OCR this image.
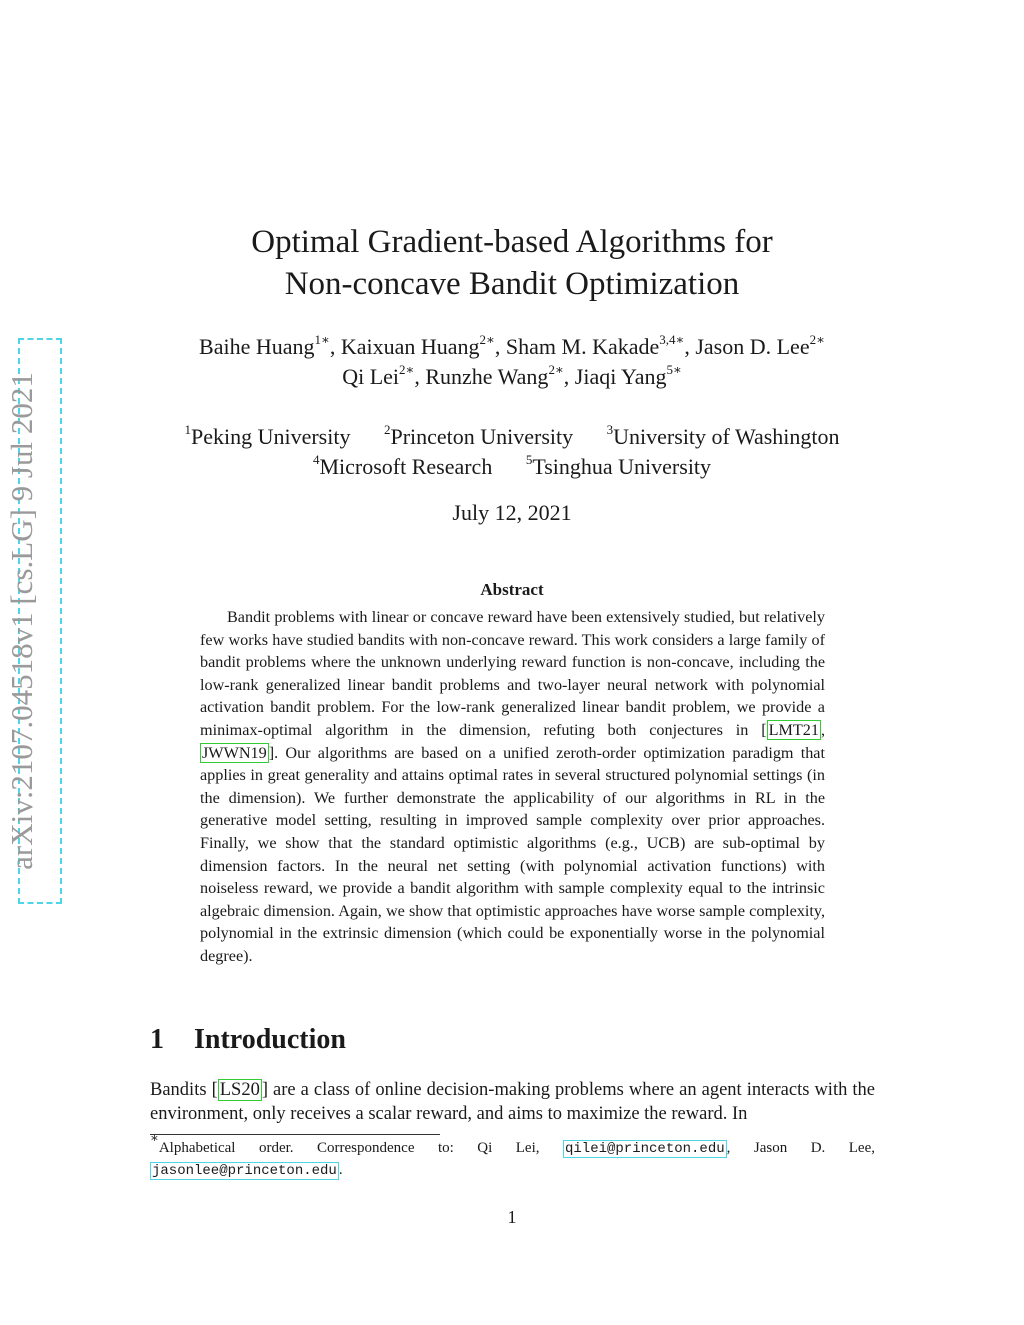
arXiv:2107.04518v1 [cs.LG] 9 Jul 2021
Optimal Gradient-based Algorithms for
Non-concave Bandit Optimization
Baihe Huang$^{1∗}$, Kaixuan Huang$^{2∗}$, Sham M. Kakade$^{3,4∗}$, Jason D. Lee$^{2∗}$
Qi Lei$^{2∗}$, Runzhe Wang$^{2∗}$, Jiaqi Yang$^{5∗}$
$^1$Peking University	$^2$Princeton University	$^3$University of Washington
$^4$Microsoft Research	$^5$Tsinghua University
July 12, 2021
Abstract

Bandit problems with linear or concave reward have been extensively studied, but relatively few works have studied bandits with non-concave reward. This work considers a large family of bandit problems where the unknown underlying reward function is non-concave, including the low-rank generalized linear bandit problems and two-layer neural network with polynomial activation bandit problem. For the low-rank generalized linear bandit problem, we provide a minimax-optimal algorithm in the dimension, refuting both conjectures in [ LMT21 , JWWN19 ]. Our algorithms are based on a unified zeroth-order optimization paradigm that applies in great generality and attains optimal rates in several structured polynomial settings (in the dimension). We further demonstrate the applicability of our algorithms in RL in the generative model setting, resulting in improved sample complexity over prior approaches. Finally, we show that the standard optimistic algorithms (e.g., UCB) are sub-optimal by dimension factors. In the neural net setting (with polynomial activation functions) with noiseless reward, we provide a bandit algorithm with sample complexity equal to the intrinsic algebraic dimension. Again, we show that optimistic approaches have worse sample complexity, polynomial in the extrinsic dimension (which could be exponentially worse in the polynomial degree).

1 Introduction

Bandits [ LS20 ] are a class of online decision-making problems where an agent interacts with the environment, only receives a scalar reward, and aims to maximize the reward. In

∗Alphabetical order. Correspondence to: Qi Lei, qilei@princeton.edu , Jason D. Lee, jasonlee@princeton.edu .
1
